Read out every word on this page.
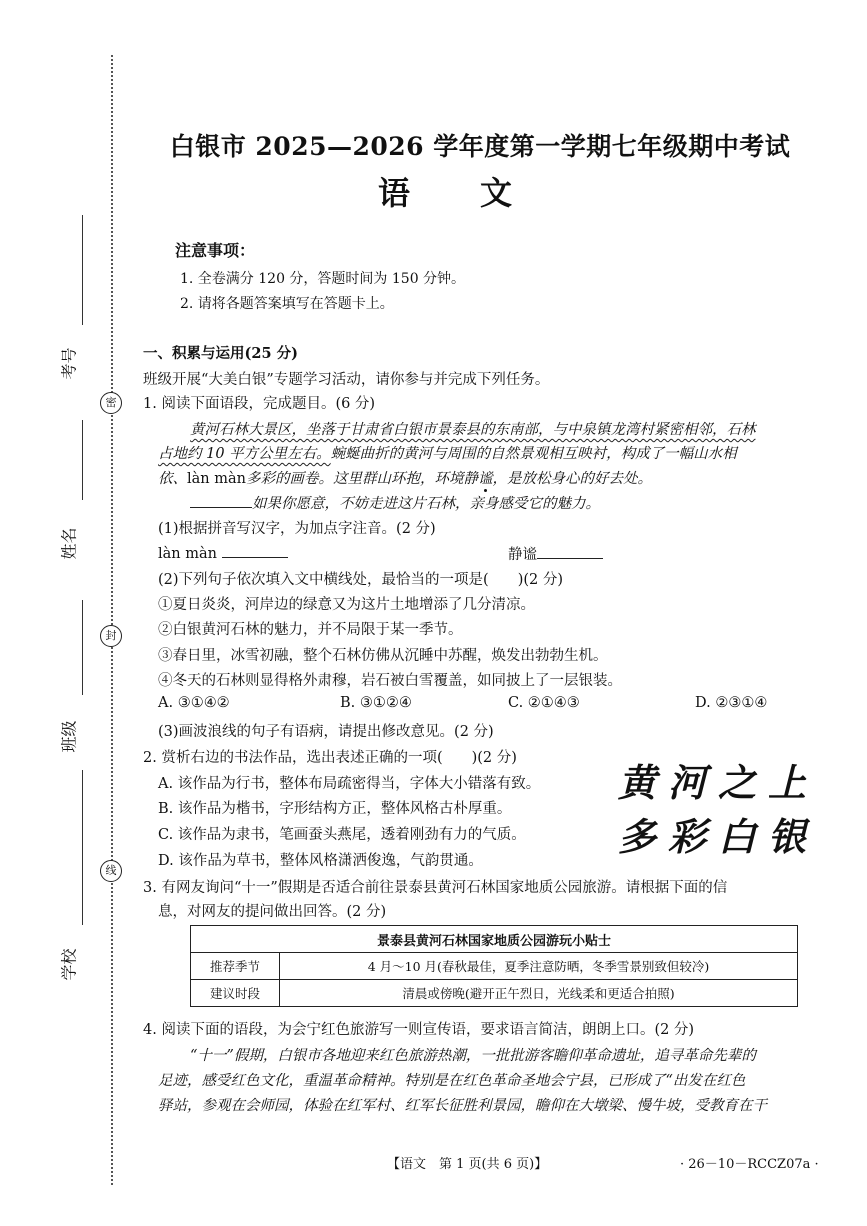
密
封
线
考号
姓名
班级
学校
白银市 2025—2026 学年度第一学期七年级期中考试
语文
注意事项：
1. 全卷满分 120 分，答题时间为 150 分钟。
2. 请将各题答案填写在答题卡上。
一、积累与运用(25 分)
班级开展“大美白银”专题学习活动，请你参与并完成下列任务。
1. 阅读下面语段，完成题目。(6 分)
黄河石林大景区，坐落于甘肃省白银市景泰县的东南部，与中泉镇龙湾村紧密相邻，石林
占地约 10 平方公里左右。蜿蜒曲折的黄河与周围的自然景观相互映衬，构成了一幅山水相
依、làn màn多彩的画卷。这里群山环抱，环境静谧，是放松身心的好去处。
如果你愿意，不妨走进这片石林，亲身感受它的魅力。
(1)根据拼音写汉字，为加点字注音。(2 分)
làn màn	静谧
(2)下列句子依次填入文中横线处，最恰当的一项是(　　)(2 分)
①夏日炎炎，河岸边的绿意又为这片土地增添了几分清凉。
②白银黄河石林的魅力，并不局限于某一季节。
③春日里，冰雪初融，整个石林仿佛从沉睡中苏醒，焕发出勃勃生机。
④冬天的石林则显得格外肃穆，岩石被白雪覆盖，如同披上了一层银装。
A. ③①④②	B. ③①②④	C. ②①④③	D. ②③①④
(3)画波浪线的句子有语病，请提出修改意见。(2 分)
2. 赏析右边的书法作品，选出表述正确的一项(　　)(2 分)
A. 该作品为行书，整体布局疏密得当，字体大小错落有致。
B. 该作品为楷书，字形结构方正，整体风格古朴厚重。
C. 该作品为隶书，笔画蚕头燕尾，透着刚劲有力的气质。
D. 该作品为草书，整体风格潇洒俊逸，气韵贯通。
黄河之上
多彩白银
3. 有网友询问“十一”假期是否适合前往景泰县黄河石林国家地质公园旅游。请根据下面的信
息，对网友的提问做出回答。(2 分)
景泰县黄河石林国家地质公园游玩小贴士	
推荐季节	4 月～10 月(春秋最佳，夏季注意防晒，冬季雪景别致但较冷)
建议时段	清晨或傍晚(避开正午烈日，光线柔和更适合拍照)
4. 阅读下面的语段，为会宁红色旅游写一则宣传语，要求语言简洁，朗朗上口。(2 分)
“十一”假期，白银市各地迎来红色旅游热潮，一批批游客瞻仰革命遗址，追寻革命先辈的
足迹，感受红色文化，重温革命精神。特别是在红色革命圣地会宁县，已形成了“出发在红色
驿站，参观在会师园，体验在红军村、红军长征胜利景园，瞻仰在大墩梁、慢牛坡，受教育在干
【语文　第 1 页(共 6 页)】	· 26－10－RCCZ07a ·
